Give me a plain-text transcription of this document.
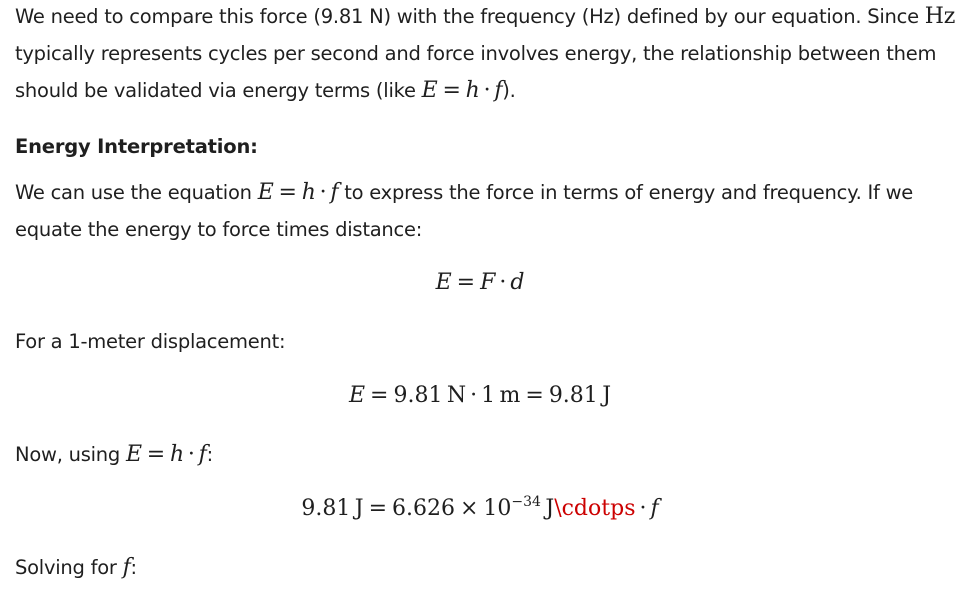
We need to compare this force (9.81 N) with the frequency (Hz) defined by our equation. Since Hz
typically represents cycles per second and force involves energy, the relationship between them
should be validated via energy terms (like E = h · f).
Energy Interpretation:
We can use the equation E = h · f to express the force in terms of energy and frequency. If we
equate the energy to force times distance:
E = F · d
For a 1-meter displacement:
E = 9.81  N · 1  m = 9.81  J
Now, using E = h · f:
9.81  $J = 6.626 \times 10^{-34}$  J\cdotps · f
Solving for f:
